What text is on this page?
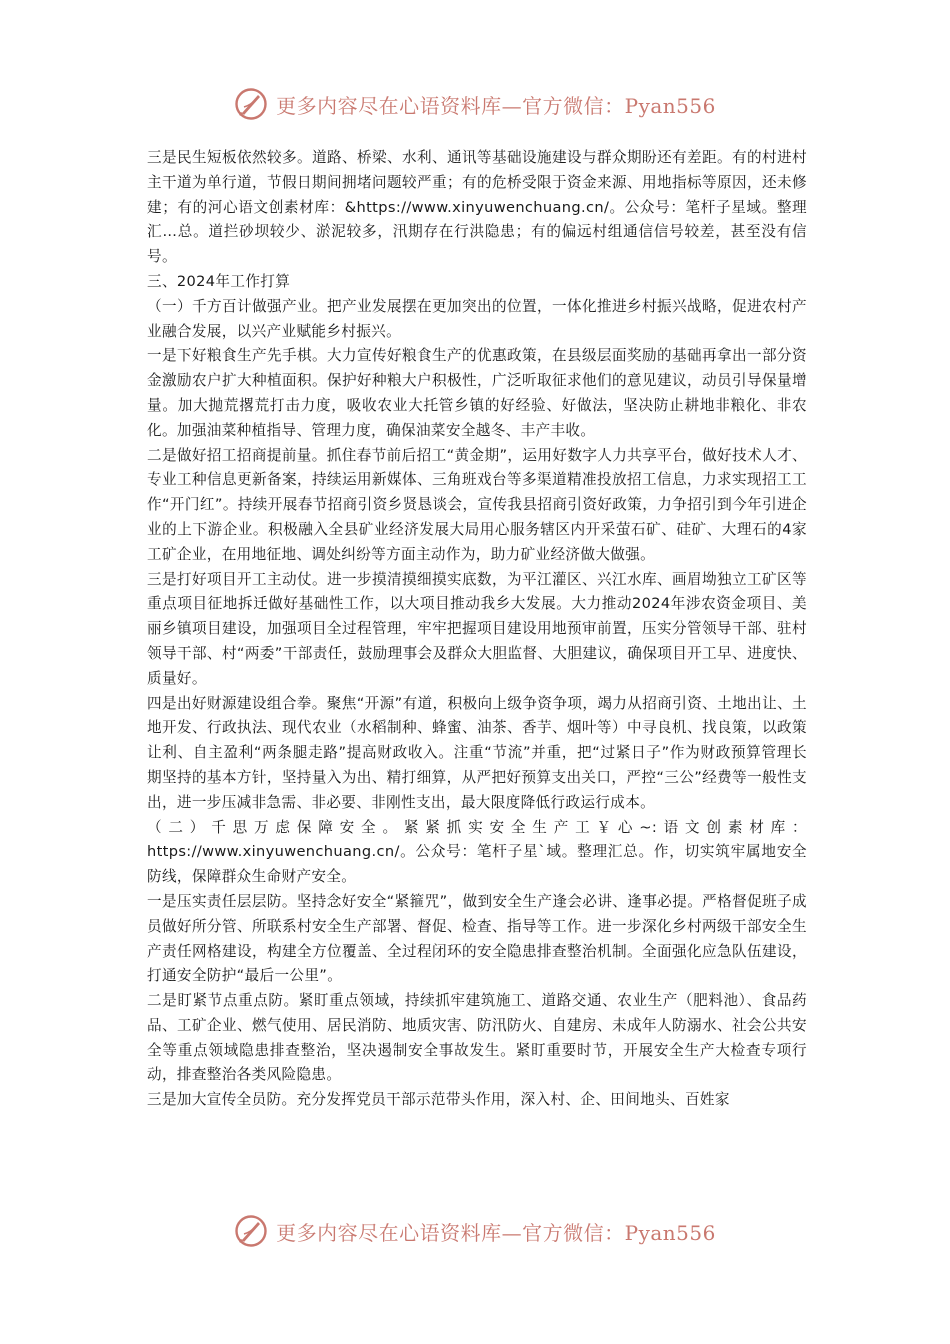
更多内容尽在心语资料库—官方微信：Pyan556

三是民生短板依然较多。道路、桥梁、水利、通讯等基础设施建设与群众期盼还有差距。有的村进村主干道为单行道，节假日期间拥堵问题较严重；有的危桥受限于资金来源、用地指标等原因，还未修建；有的河心语文创素材库：&https://www.xinyuwenchuang.cn/。公众号：笔杆子星域。整理汇…总。道拦砂坝较少、淤泥较多，汛期存在行洪隐患；有的偏远村组通信信号较差，甚至没有信号。

三、2024年工作打算

（一）千方百计做强产业。把产业发展摆在更加突出的位置，一体化推进乡村振兴战略，促进农村产业融合发展，以兴产业赋能乡村振兴。

一是下好粮食生产先手棋。大力宣传好粮食生产的优惠政策，在县级层面奖励的基础再拿出一部分资金激励农户扩大种植面积。保护好种粮大户积极性，广泛听取征求他们的意见建议，动员引导保量增量。加大抛荒撂荒打击力度，吸收农业大托管乡镇的好经验、好做法，坚决防止耕地非粮化、非农化。加强油菜种植指导、管理力度，确保油菜安全越冬、丰产丰收。

二是做好招工招商提前量。抓住春节前后招工“黄金期”，运用好数字人力共享平台，做好技术人才、专业工种信息更新备案，持续运用新媒体、三角班戏台等多渠道精准投放招工信息，力求实现招工工作“开门红”。持续开展春节招商引资乡贤恳谈会，宣传我县招商引资好政策，力争招引到今年引进企业的上下游企业。积极融入全县矿业经济发展大局用心服务辖区内开采萤石矿、硅矿、大理石的4家工矿企业，在用地征地、调处纠纷等方面主动作为，助力矿业经济做大做强。

三是打好项目开工主动仗。进一步摸清摸细摸实底数，为平江灌区、兴江水库、画眉坳独立工矿区等重点项目征地拆迁做好基础性工作，以大项目推动我乡大发展。大力推动2024年涉农资金项目、美丽乡镇项目建设，加强项目全过程管理，牢牢把握项目建设用地预审前置，压实分管领导干部、驻村领导干部、村“两委”干部责任，鼓励理事会及群众大胆监督、大胆建议，确保项目开工早、进度快、质量好。

四是出好财源建设组合拳。聚焦“开源”有道，积极向上级争资争项，竭力从招商引资、土地出让、土地开发、行政执法、现代农业（水稻制种、蜂蜜、油茶、香芋、烟叶等）中寻良机、找良策，以政策让利、自主盈利“两条腿走路”提高财政收入。注重“节流”并重，把“过紧日子”作为财政预算管理长期坚持的基本方针，坚持量入为出、精打细算，从严把好预算支出关口，严控“三公”经费等一般性支出，进一步压减非急需、非必要、非刚性支出，最大限度降低行政运行成本。

（二）千思万虑保障安全。紧紧抓实安全生产工￥心~:语文创素材库：https://www.xinyuwenchuang.cn/。公众号：笔杆子星`域。整理汇总。作，切实筑牢属地安全防线，保障群众生命财产安全。

一是压实责任层层防。坚持念好安全“紧箍咒”，做到安全生产逢会必讲、逢事必提。严格督促班子成员做好所分管、所联系村安全生产部署、督促、检查、指导等工作。进一步深化乡村两级干部安全生产责任网格建设，构建全方位覆盖、全过程闭环的安全隐患排查整治机制。全面强化应急队伍建设，打通安全防护“最后一公里”。

二是盯紧节点重点防。紧盯重点领域，持续抓牢建筑施工、道路交通、农业生产（肥料池）、食品药品、工矿企业、燃气使用、居民消防、地质灾害、防汛防火、自建房、未成年人防溺水、社会公共安全等重点领域隐患排查整治，坚决遏制安全事故发生。紧盯重要时节，开展安全生产大检查专项行动，排查整治各类风险隐患。

三是加大宣传全员防。充分发挥党员干部示范带头作用，深入村、企、田间地头、百姓家

更多内容尽在心语资料库—官方微信：Pyan556
